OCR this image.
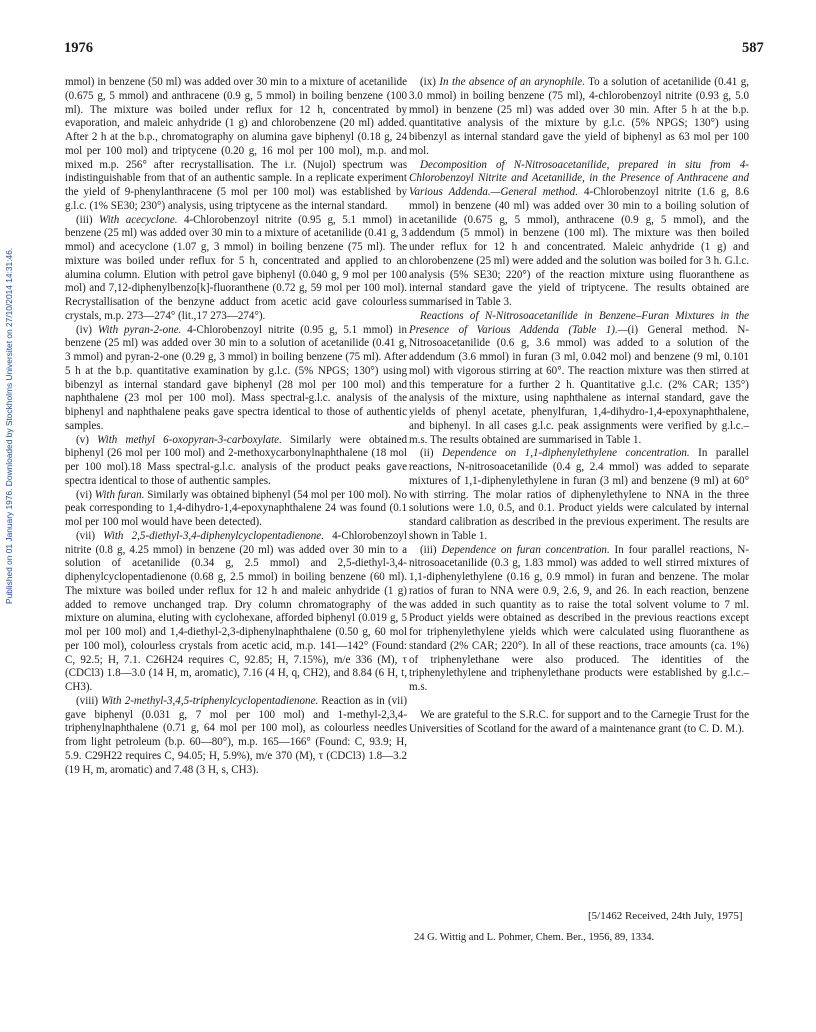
1976	587
Published on 01 January 1976. Downloaded by Stockholms Universitet on 27/10/2014 14:31:46.

mmol) in benzene (50 ml) was added over 30 min to a mixture of acetanilide (0.675 g, 5 mmol) and anthracene (0.9 g, 5 mmol) in boiling benzene (100 ml). The mixture was boiled under reflux for 12 h, concentrated by evaporation, and maleic anhydride (1 g) and chlorobenzene (20 ml) added. After 2 h at the b.p., chromatography on alumina gave biphenyl (0.18 g, 24 mol per 100 mol) and triptycene (0.20 g, 16 mol per 100 mol), m.p. and mixed m.p. 256° after recrystallisation. The i.r. (Nujol) spectrum was indistinguishable from that of an authentic sample. In a replicate experiment the yield of 9-phenylanthracene (5 mol per 100 mol) was established by g.l.c. (1% SE30; 230°) analysis, using triptycene as the internal standard.

(iii) With acecyclone. 4-Chlorobenzoyl nitrite (0.95 g, 5.1 mmol) in benzene (25 ml) was added over 30 min to a mixture of acetanilide (0.41 g, 3 mmol) and acecyclone (1.07 g, 3 mmol) in boiling benzene (75 ml). The mixture was boiled under reflux for 5 h, concentrated and applied to an alumina column. Elution with petrol gave biphenyl (0.040 g, 9 mol per 100 mol) and 7,12-diphenylbenzo[k]-fluoranthene (0.72 g, 59 mol per 100 mol). Recrystallisation of the benzyne adduct from acetic acid gave colourless crystals, m.p. 273—274° (lit.,17 273—274°).

(iv) With pyran-2-one. 4-Chlorobenzoyl nitrite (0.95 g, 5.1 mmol) in benzene (25 ml) was added over 30 min to a solution of acetanilide (0.41 g, 3 mmol) and pyran-2-one (0.29 g, 3 mmol) in boiling benzene (75 ml). After 5 h at the b.p. quantitative examination by g.l.c. (5% NPGS; 130°) using bibenzyl as internal standard gave biphenyl (28 mol per 100 mol) and naphthalene (23 mol per 100 mol). Mass spectral-g.l.c. analysis of the biphenyl and naphthalene peaks gave spectra identical to those of authentic samples.

(v) With methyl 6-oxopyran-3-carboxylate. Similarly were obtained biphenyl (26 mol per 100 mol) and 2-methoxycarbonylnaphthalene (18 mol per 100 mol).18 Mass spectral-g.l.c. analysis of the product peaks gave spectra identical to those of authentic samples.

(vi) With furan. Similarly was obtained biphenyl (54 mol per 100 mol). No peak corresponding to 1,4-dihydro-1,4-epoxynaphthalene 24 was found (0.1 mol per 100 mol would have been detected).

(vii) With 2,5-diethyl-3,4-diphenylcyclopentadienone. 4-Chlorobenzoyl nitrite (0.8 g, 4.25 mmol) in benzene (20 ml) was added over 30 min to a solution of acetanilide (0.34 g, 2.5 mmol) and 2,5-diethyl-3,4-diphenylcyclopentadienone (0.68 g, 2.5 mmol) in boiling benzene (60 ml). The mixture was boiled under reflux for 12 h and maleic anhydride (1 g) added to remove unchanged trap. Dry column chromatography of the mixture on alumina, eluting with cyclohexane, afforded biphenyl (0.019 g, 5 mol per 100 mol) and 1,4-diethyl-2,3-diphenylnaphthalene (0.50 g, 60 mol per 100 mol), colourless crystals from acetic acid, m.p. 141—142° (Found: C, 92.5; H, 7.1. C26H24 requires C, 92.85; H, 7.15%), m/e 336 (M), τ (CDCl3) 1.8—3.0 (14 H, m, aromatic), 7.16 (4 H, q, CH2), and 8.84 (6 H, t, CH3).

(viii) With 2-methyl-3,4,5-triphenylcyclopentadienone. Reaction as in (vii) gave biphenyl (0.031 g, 7 mol per 100 mol) and 1-methyl-2,3,4-triphenylnaphthalene (0.71 g, 64 mol per 100 mol), as colourless needles from light petroleum (b.p. 60—80°), m.p. 165—166° (Found: C, 93.9; H, 5.9. C29H22 requires C, 94.05; H, 5.9%), m/e 370 (M), τ (CDCl3) 1.8—3.2 (19 H, m, aromatic) and 7.48 (3 H, s, CH3).

(ix) In the absence of an arynophile. To a solution of acetanilide (0.41 g, 3.0 mmol) in boiling benzene (75 ml), 4-chlorobenzoyl nitrite (0.93 g, 5.0 mmol) in benzene (25 ml) was added over 30 min. After 5 h at the b.p. quantitative analysis of the mixture by g.l.c. (5% NPGS; 130°) using bibenzyl as internal standard gave the yield of biphenyl as 63 mol per 100 mol.

Decomposition of N-Nitrosoacetanilide, prepared in situ from 4-Chlorobenzoyl Nitrite and Acetanilide, in the Presence of Anthracene and Various Addenda.—General method. 4-Chlorobenzoyl nitrite (1.6 g, 8.6 mmol) in benzene (40 ml) was added over 30 min to a boiling solution of acetanilide (0.675 g, 5 mmol), anthracene (0.9 g, 5 mmol), and the addendum (5 mmol) in benzene (100 ml). The mixture was then boiled under reflux for 12 h and concentrated. Maleic anhydride (1 g) and chlorobenzene (25 ml) were added and the solution was boiled for 3 h. G.l.c. analysis (5% SE30; 220°) of the reaction mixture using fluoranthene as internal standard gave the yield of triptycene. The results obtained are summarised in Table 3.

Reactions of N-Nitrosoacetanilide in Benzene–Furan Mixtures in the Presence of Various Addenda (Table 1).—(i) General method. N-Nitrosoacetanilide (0.6 g, 3.6 mmol) was added to a solution of the addendum (3.6 mmol) in furan (3 ml, 0.042 mol) and benzene (9 ml, 0.101 mol) with vigorous stirring at 60°. The reaction mixture was then stirred at this temperature for a further 2 h. Quantitative g.l.c. (2% CAR; 135°) analysis of the mixture, using naphthalene as internal standard, gave the yields of phenyl acetate, phenylfuran, 1,4-dihydro-1,4-epoxynaphthalene, and biphenyl. In all cases g.l.c. peak assignments were verified by g.l.c.–m.s. The results obtained are summarised in Table 1.

(ii) Dependence on 1,1-diphenylethylene concentration. In parallel reactions, N-nitrosoacetanilide (0.4 g, 2.4 mmol) was added to separate mixtures of 1,1-diphenylethylene in furan (3 ml) and benzene (9 ml) at 60° with stirring. The molar ratios of diphenylethylene to NNA in the three solutions were 1.0, 0.5, and 0.1. Product yields were calculated by internal standard calibration as described in the previous experiment. The results are shown in Table 1.

(iii) Dependence on furan concentration. In four parallel reactions, N-nitrosoacetanilide (0.3 g, 1.83 mmol) was added to well stirred mixtures of 1,1-diphenylethylene (0.16 g, 0.9 mmol) in furan and benzene. The molar ratios of furan to NNA were 0.9, 2.6, 9, and 26. In each reaction, benzene was added in such quantity as to raise the total solvent volume to 7 ml. Product yields were obtained as described in the previous reactions except for triphenylethylene yields which were calculated using fluoranthene as standard (2% CAR; 220°). In all of these reactions, trace amounts (ca. 1%) of triphenylethane were also produced. The identities of the triphenylethylene and triphenylethane products were established by g.l.c.–m.s.

We are grateful to the S.R.C. for support and to the Carnegie Trust for the Universities of Scotland for the award of a maintenance grant (to C. D. M.).

[5/1462 Received, 24th July, 1975]
24 G. Wittig and L. Pohmer, Chem. Ber., 1956, 89, 1334.
